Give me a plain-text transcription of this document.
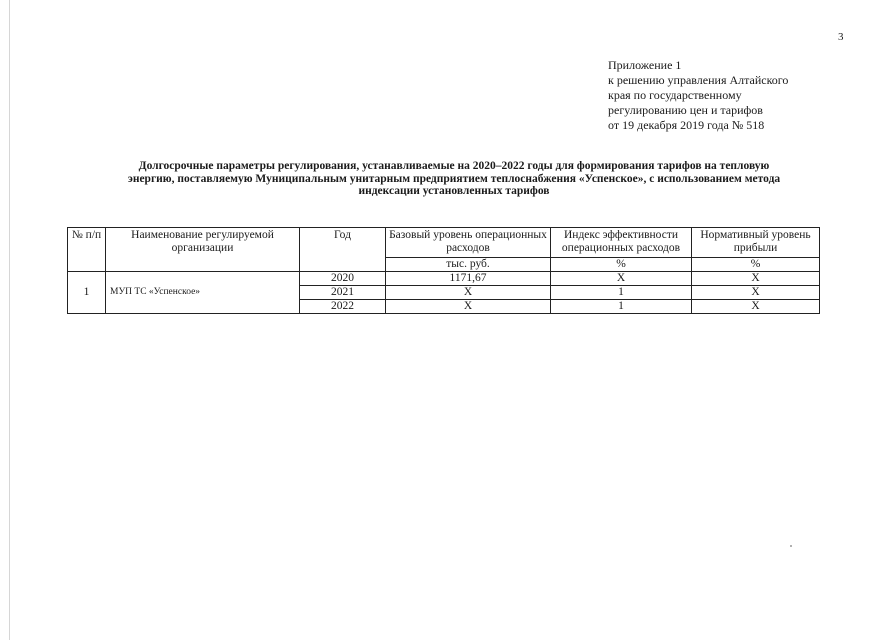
3
Приложение 1
к решению управления Алтайского
края по государственному
регулированию цен и тарифов
от 19 декабря 2019 года № 518
Долгосрочные параметры регулирования, устанавливаемые на 2020–2022 годы для формирования тарифов на тепловую
энергию, поставляемую Муниципальным унитарным предприятием теплоснабжения «Успенское», с использованием метода
индексации установленных тарифов
№ п/п	Наименование регулируемой организации	Год	Базовый уровень операционных расходов	Индекс эффективности операционных расходов	Нормативный уровень прибыли
			тыс. руб.	%	%
1	МУП ТС «Успенское»	2020	1171,67	X	X
		2021	X	1	X
		2022	X	1	X
